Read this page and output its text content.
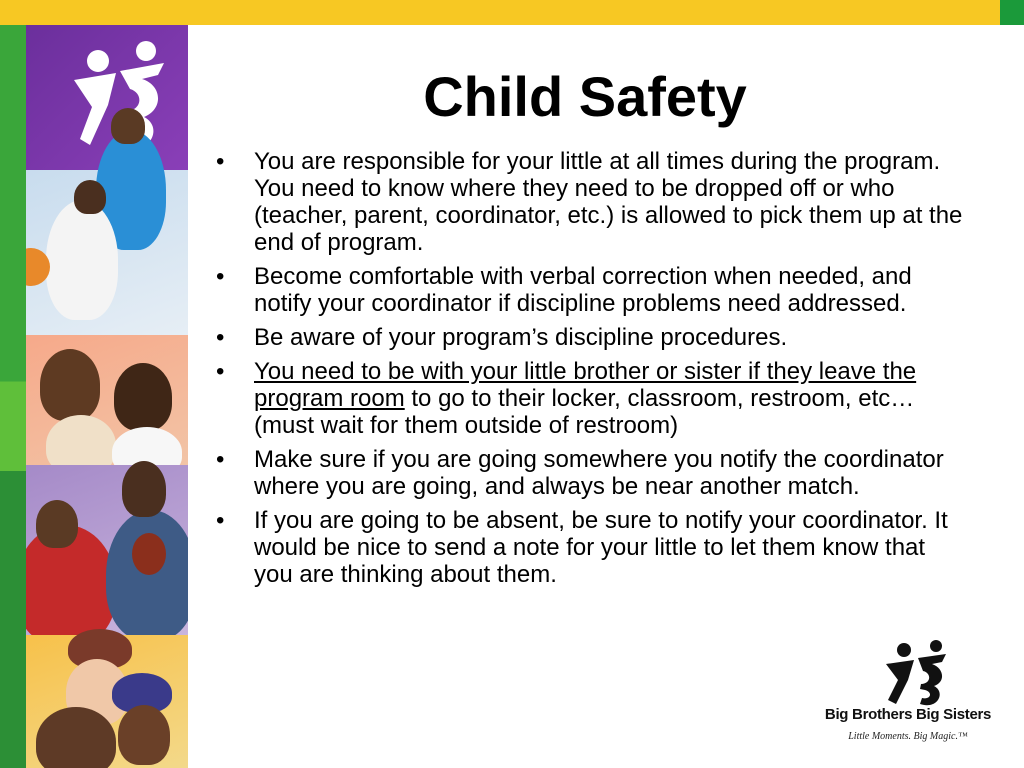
Child Safety
• You are responsible for your little at all times during the program. You need to know where they need to be dropped off or who (teacher, parent, coordinator, etc.) is allowed to pick them up at the end of program.
• Become comfortable with verbal correction when needed, and notify your coordinator if discipline problems need addressed.
• Be aware of your program’s discipline procedures.
• You need to be with your little brother or sister if they leave the program room to go to their locker, classroom, restroom, etc…(must wait for them outside of restroom)
• Make sure if you are going somewhere you notify the coordinator where you are going, and always be near another match.
• If you are going to be absent, be sure to notify your coordinator. It would be nice to send a note for your little to let them know that you are thinking about them.
Big Brothers Big Sisters
Little Moments. Big Magic.™
